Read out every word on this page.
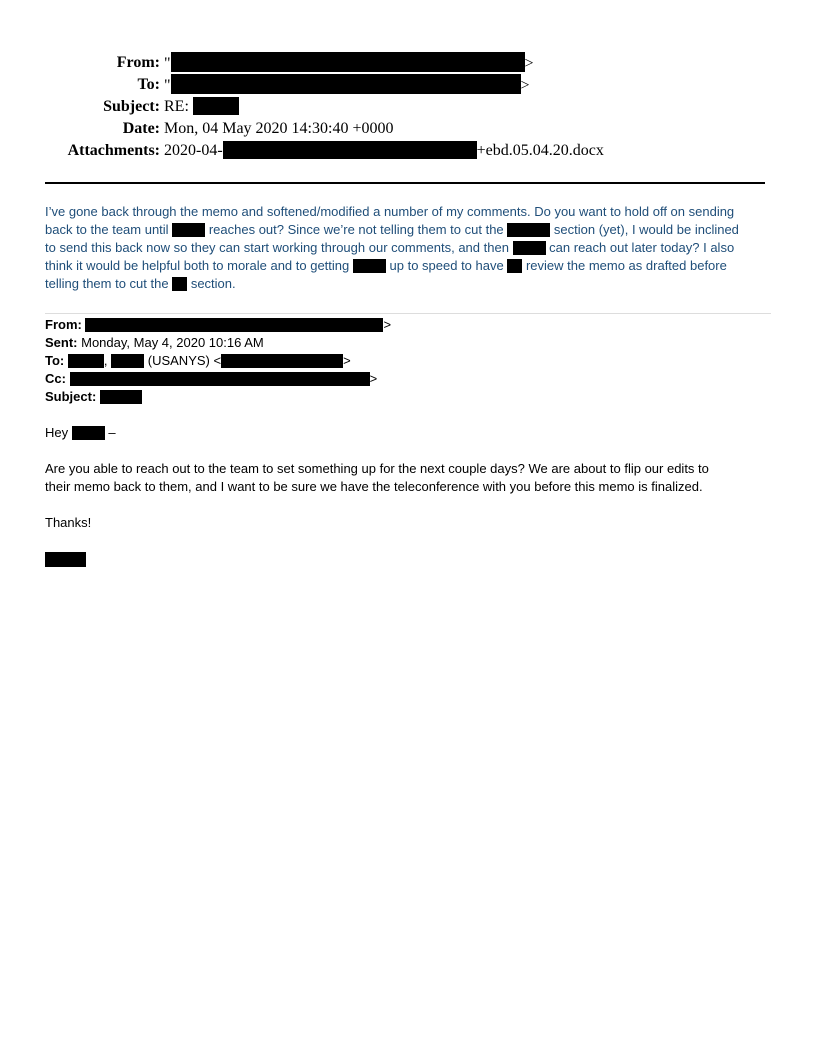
From: "	>
To: "	>
Subject: RE:
Date: Mon, 04 May 2020 14:30:40 +0000
Attachments: 2020-04-	+ebd.05.04.20.docx
I’ve gone back through the memo and softened/modified a number of my comments. Do you want to hold off on sending
back to the team until	reaches out? Since we’re not telling them to cut the	section (yet), I would be inclined
to send this back now so they can start working through our comments, and then	can reach out later today? I also
think it would be helpful both to morale and to getting	up to speed to have review the memo as drafted before
telling them to cut the section.
From:	>
Sent: Monday, May 4, 2020 10:16 AM
To:	,	(USANYS) <	>
Cc:	>
Subject:
Hey	–
Are you able to reach out to the team to set something up for the next couple days? We are about to flip our edits to
their memo back to them, and I want to be sure we have the teleconference with you before this memo is finalized.
Thanks!
